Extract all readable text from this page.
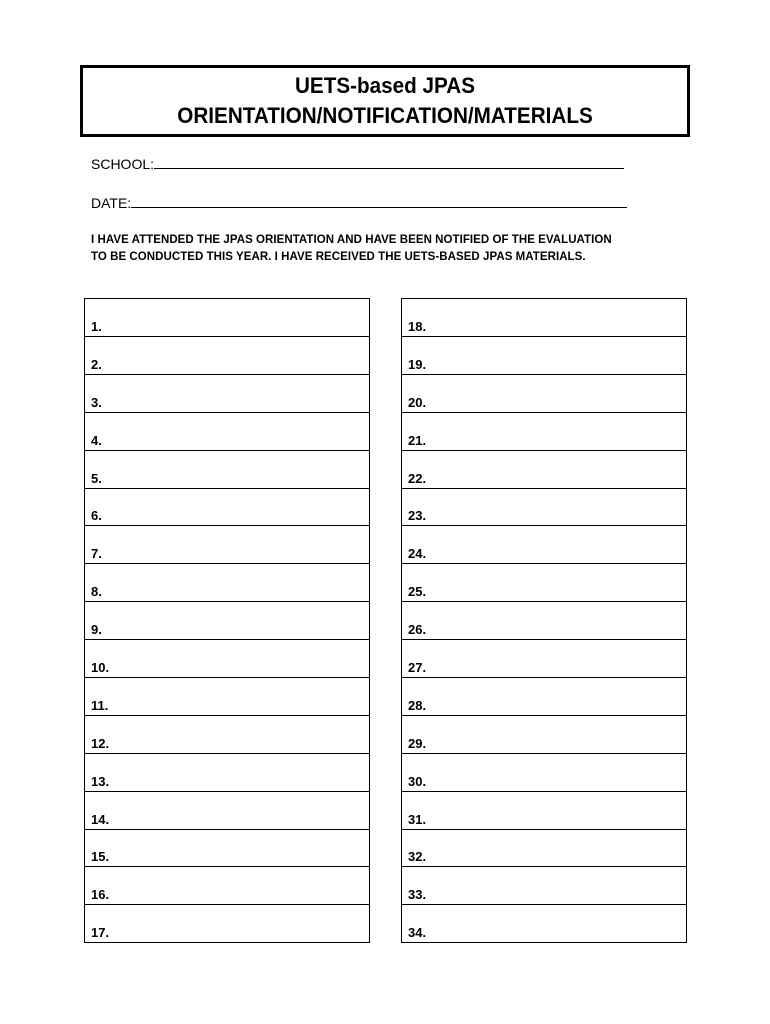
UETS-based JPAS
ORIENTATION/NOTIFICATION/MATERIALS
SCHOOL:
DATE:
I HAVE ATTENDED THE JPAS ORIENTATION AND HAVE BEEN NOTIFIED OF THE EVALUATION
TO BE CONDUCTED THIS YEAR. I HAVE RECEIVED THE UETS-BASED JPAS MATERIALS.
1.
2.
3.
4.
5.
6.
7.
8.
9.
10.
11.
12.
13.
14.
15.
16.
17.
18.
19.
20.
21.
22.
23.
24.
25.
26.
27.
28.
29.
30.
31.
32.
33.
34.
